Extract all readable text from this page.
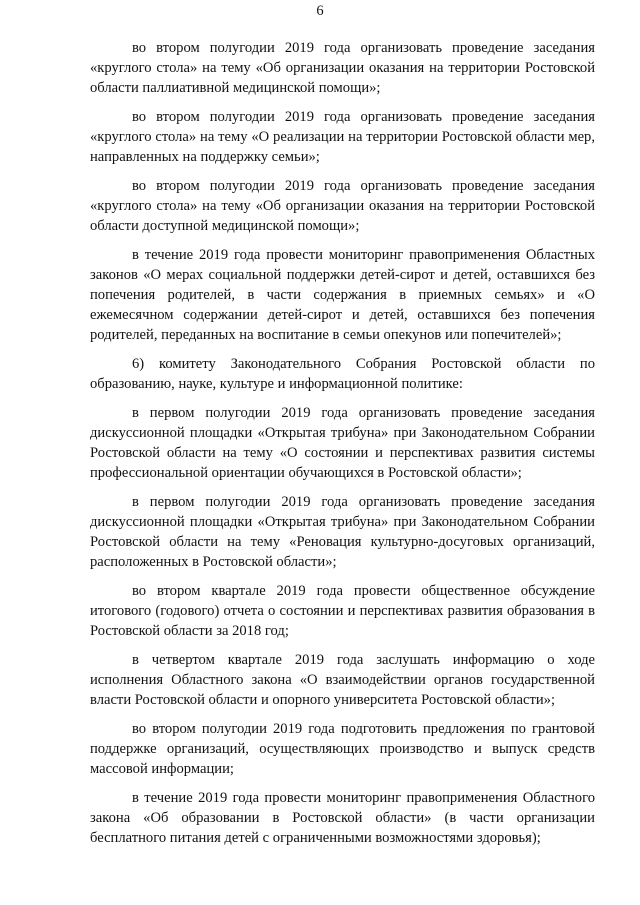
6

во втором полугодии 2019 года организовать проведение заседания «круглого стола» на тему «Об организации оказания на территории Ростовской области паллиативной медицинской помощи»;

во втором полугодии 2019 года организовать проведение заседания «круглого стола» на тему «О реализации на территории Ростовской области мер, направленных на поддержку семьи»;

во втором полугодии 2019 года организовать проведение заседания «круглого стола» на тему «Об организации оказания на территории Ростовской области доступной медицинской помощи»;

в течение 2019 года провести мониторинг правоприменения Областных законов «О мерах социальной поддержки детей-сирот и детей, оставшихся без попечения родителей, в части содержания в приемных семьях» и «О ежемесячном содержании детей-сирот и детей, оставшихся без попечения родителей, переданных на воспитание в семьи опекунов или попечителей»;

6) комитету Законодательного Собрания Ростовской области по образованию, науке, культуре и информационной политике:

в первом полугодии 2019 года организовать проведение заседания дискуссионной площадки «Открытая трибуна» при Законодательном Собрании Ростовской области на тему «О состоянии и перспективах развития системы профессиональной ориентации обучающихся в Ростовской области»;

в первом полугодии 2019 года организовать проведение заседания дискуссионной площадки «Открытая трибуна» при Законодательном Собрании Ростовской области на тему «Реновация культурно-досуговых организаций, расположенных в Ростовской области»;

во втором квартале 2019 года провести общественное обсуждение итогового (годового) отчета о состоянии и перспективах развития образования в Ростовской области за 2018 год;

в четвертом квартале 2019 года заслушать информацию о ходе исполнения Областного закона «О взаимодействии органов государственной власти Ростовской области и опорного университета Ростовской области»;

во втором полугодии 2019 года подготовить предложения по грантовой поддержке организаций, осуществляющих производство и выпуск средств массовой информации;

в течение 2019 года провести мониторинг правоприменения Областного закона «Об образовании в Ростовской области» (в части организации бесплатного питания детей с ограниченными возможностями здоровья);
